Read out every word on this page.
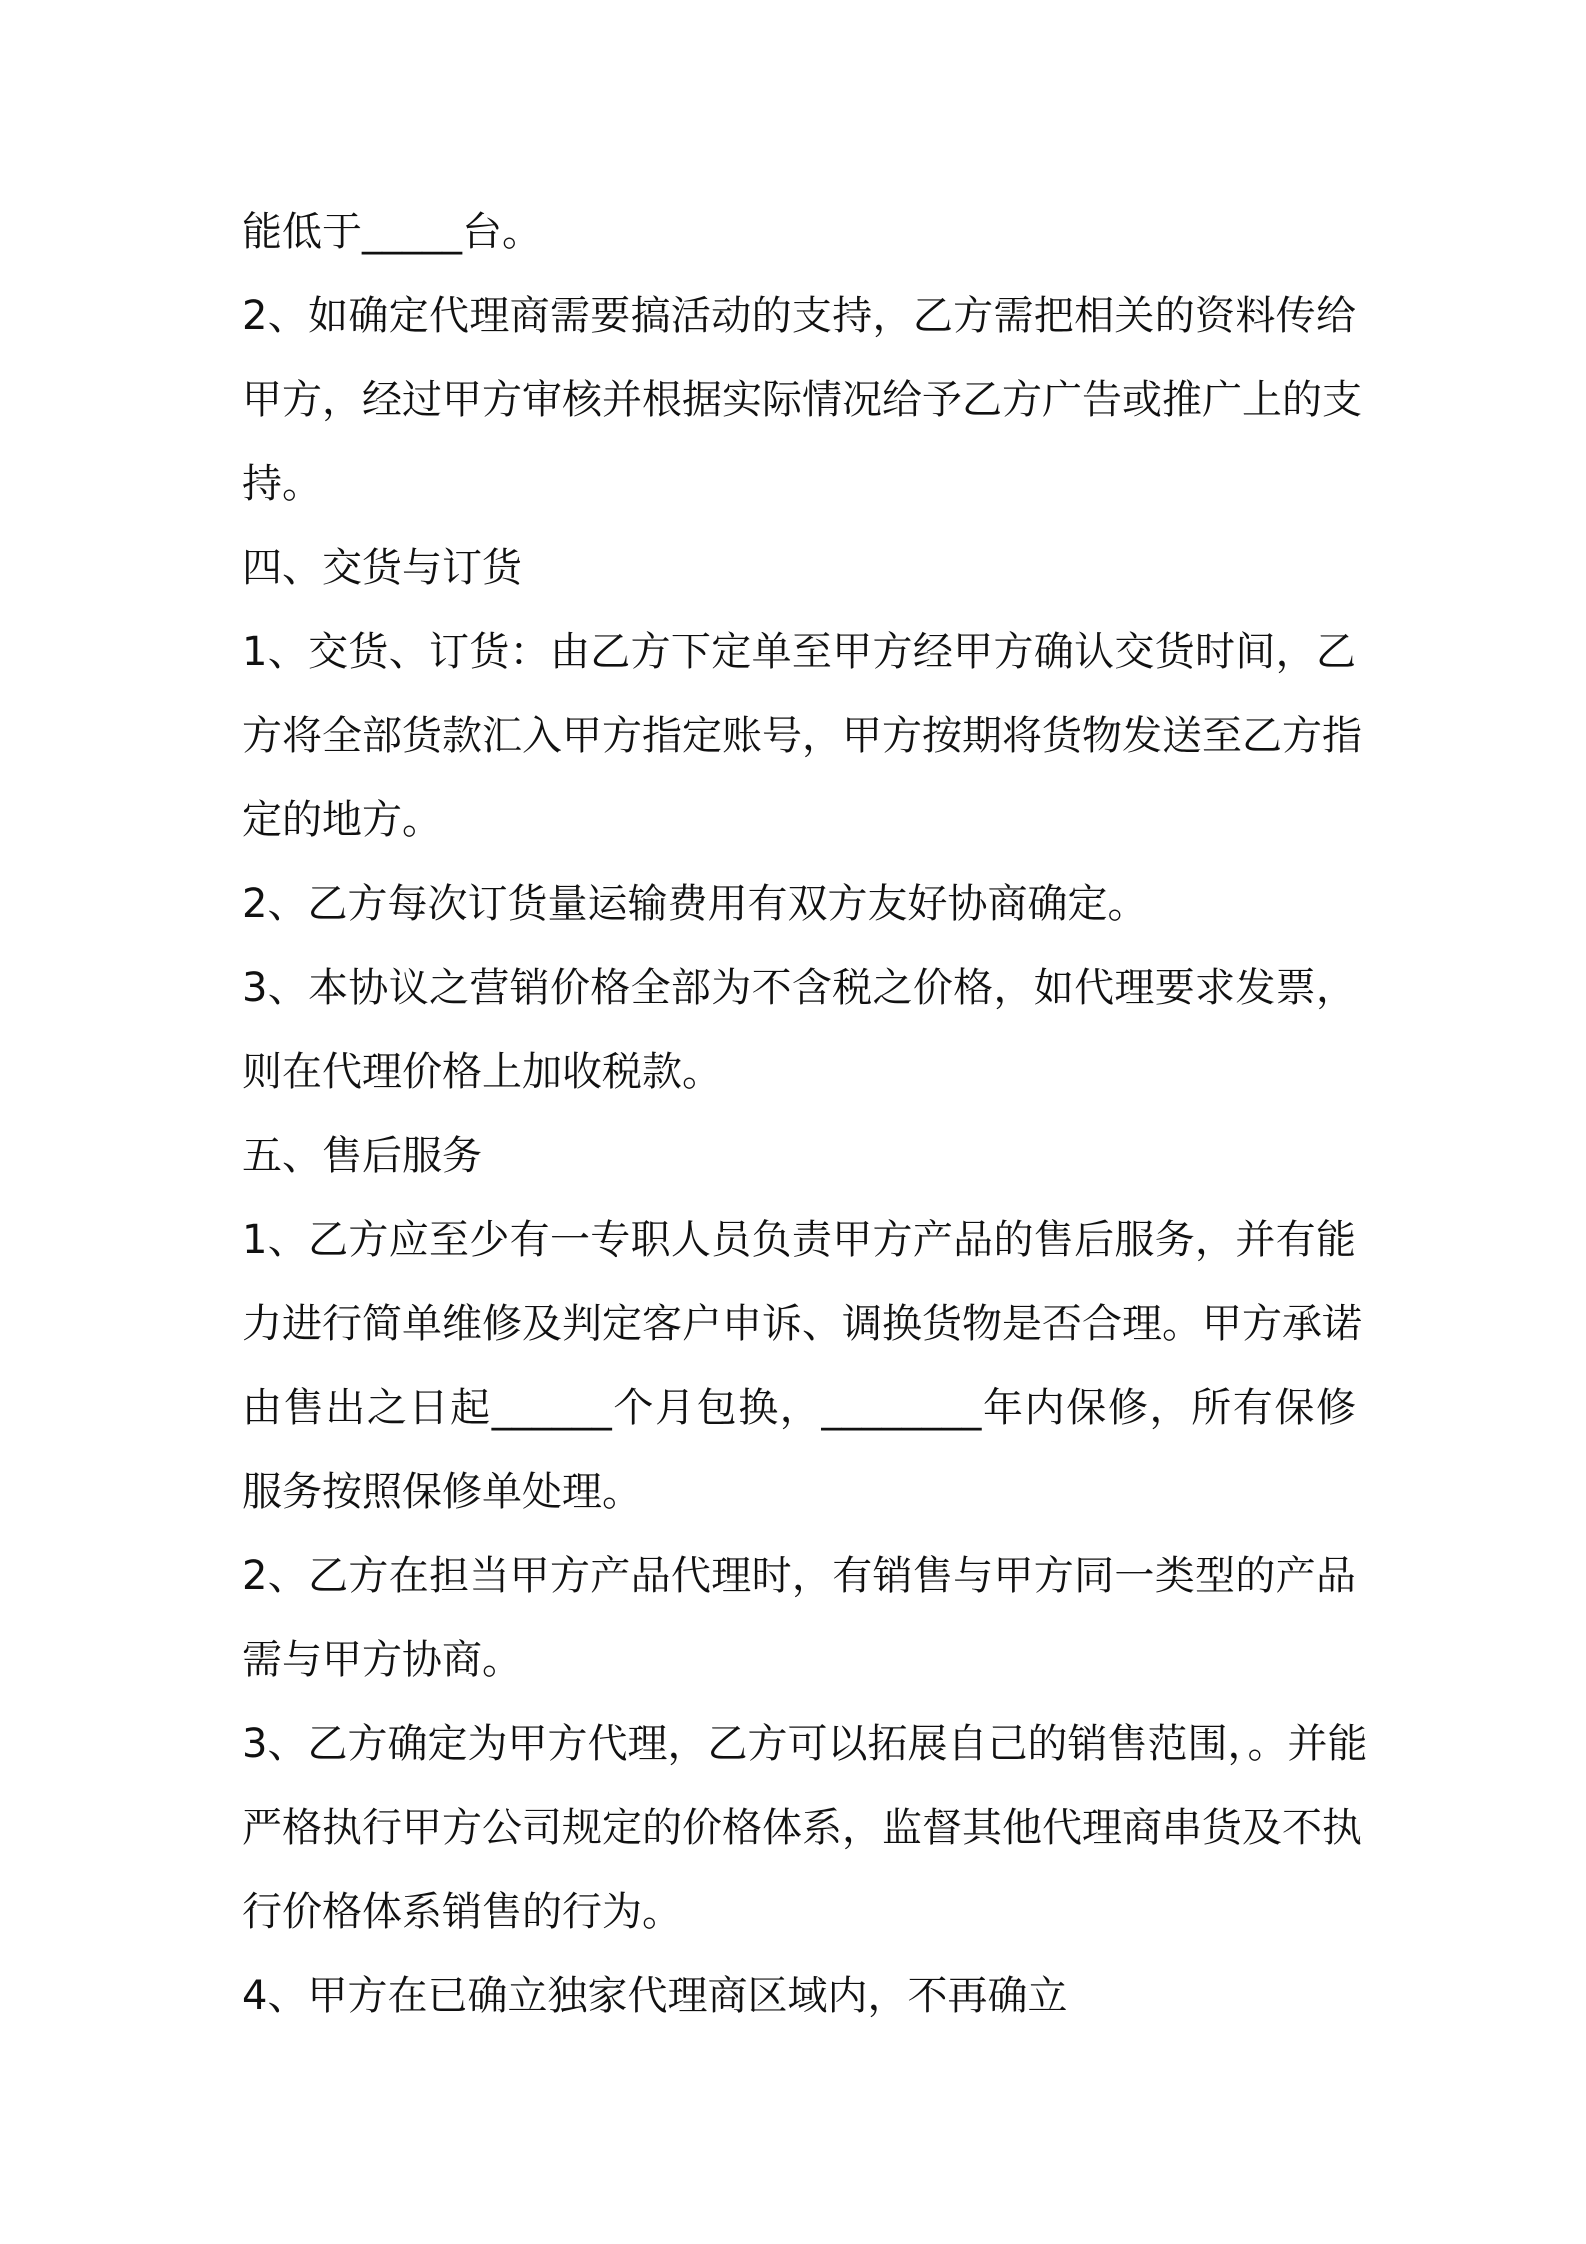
能低于_____台。
2、如确定代理商需要搞活动的支持，乙方需把相关的资料传给
甲方，经过甲方审核并根据实际情况给予乙方广告或推广上的支
持。
四、交货与订货
1、交货、订货：由乙方下定单至甲方经甲方确认交货时间，乙
方将全部货款汇入甲方指定账号，甲方按期将货物发送至乙方指
定的地方。
2、乙方每次订货量运输费用有双方友好协商确定。
3、本协议之营销价格全部为不含税之价格，如代理要求发票，
则在代理价格上加收税款。
五、售后服务
1、乙方应至少有一专职人员负责甲方产品的售后服务，并有能
力进行简单维修及判定客户申诉、调换货物是否合理。甲方承诺
由售出之日起______个月包换，________年内保修，所有保修
服务按照保修单处理。
2、乙方在担当甲方产品代理时，有销售与甲方同一类型的产品
需与甲方协商。
3、乙方确定为甲方代理，乙方可以拓展自己的销售范围，。并能
严格执行甲方公司规定的价格体系，监督其他代理商串货及不执
行价格体系销售的行为。
4、甲方在已确立独家代理商区域内，不再确立
